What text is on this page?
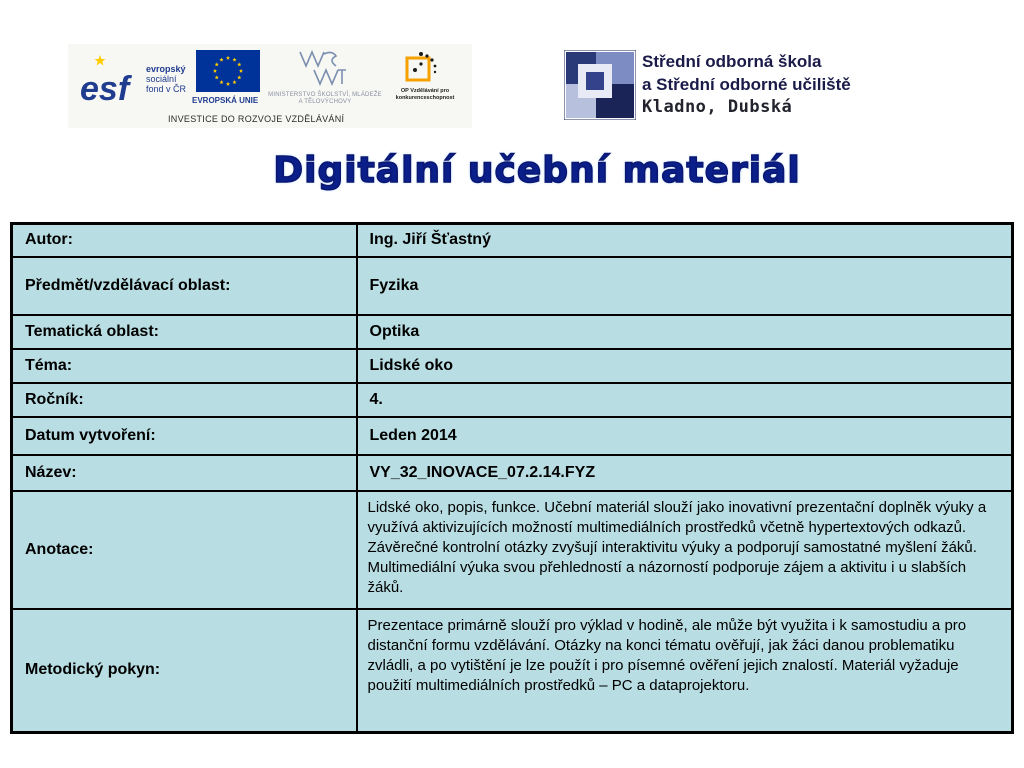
esf
evropský
sociální
fond v ČR
EVROPSKÁ UNIE
MINISTERSTVO ŠKOLSTVÍ, MLÁDEŽE A TĚLOVÝCHOVY
OP Vzdělávání pro konkurenceschopnost
INVESTICE DO ROZVOJE VZDĚLÁVÁNÍ
Střední odborná škola
a Střední odborné učiliště
Kladno, Dubská
Digitální učební materiál
Autor:	Ing. Jiří Šťastný
Předmět/vzdělávací oblast:	Fyzika
Tematická oblast:	Optika
Téma:	Lidské oko
Ročník:	4.
Datum vytvoření:	Leden 2014
Název:	VY_32_INOVACE_07.2.14.FYZ
Anotace:	Lidské oko, popis, funkce. Učební materiál slouží jako inovativní prezentační doplněk výuky a využívá aktivizujících možností multimediálních prostředků včetně hypertextových odkazů. Závěrečné kontrolní otázky zvyšují interaktivitu výuky a podporují samostatné myšlení žáků. Multimediální výuka svou přehledností a názorností podporuje zájem a aktivitu i u slabších žáků.
Metodický pokyn:	Prezentace primárně slouží pro výklad v hodině, ale může být využita i k samostudiu a pro distanční formu vzdělávání. Otázky na konci tématu ověřují, jak žáci danou problematiku zvládli, a po vytištění je lze použít i pro písemné ověření jejich znalostí. Materiál vyžaduje použití multimediálních prostředků – PC a dataprojektoru.
